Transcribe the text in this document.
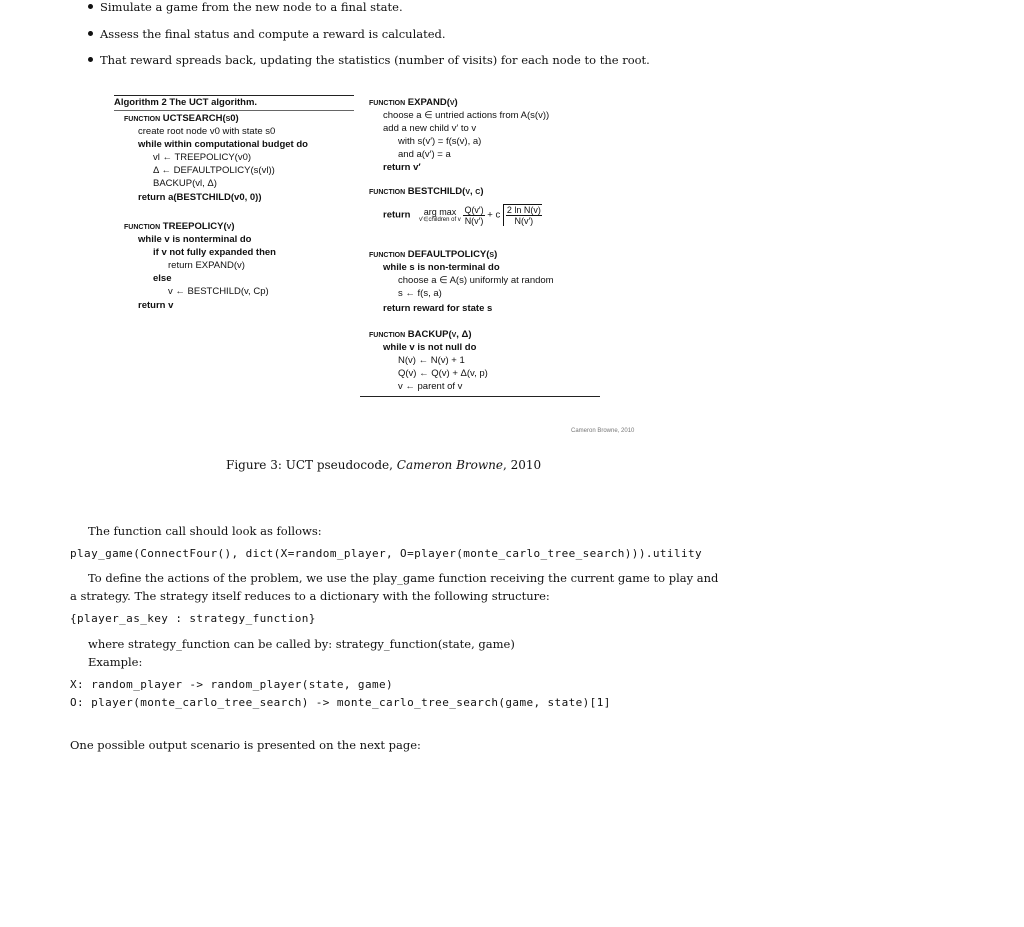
Simulate a game from the new node to a final state.
Assess the final status and compute a reward is calculated.
That reward spreads back, updating the statistics (number of visits) for each node to the root.
Algorithm 2 The UCT algorithm.
function UCTSEARCH(s0)
create root node v0 with state s0
while within computational budget do
vl ← TREEPOLICY(v0)
Δ ← DEFAULTPOLICY(s(vl))
BACKUP(vl, Δ)
return a(BESTCHILD(v0, 0))
function TREEPOLICY(v)
while v is nonterminal do
if v not fully expanded then
return EXPAND(v)
else
v ← BESTCHILD(v, Cp)
return v
function EXPAND(v)
choose a ∈ untried actions from A(s(v))
add a new child v′ to v
with s(v′) = f(s(v), a)
and a(v′) = a
return v′
function BESTCHILD(v, c)
return	arg max
v′∈children of v
$\frac{Q(v')}{N(v')} + c \frac{\text{2 ln N(v)}}{N(v')}$
function DEFAULTPOLICY(s)
while s is non-terminal do
choose a ∈ A(s) uniformly at random
s ← f(s, a)
return reward for state s
function BACKUP(v, Δ)
while v is not null do
N(v) ← N(v) + 1
Q(v) ← Q(v) + Δ(v, p)
v ← parent of v
Cameron Browne, 2010
Figure 3: UCT pseudocode, Cameron Browne, 2010
The function call should look as follows:
play_game(ConnectFour(), dict(X=random_player, O=player(monte_carlo_tree_search))).utility
To define the actions of the problem, we use the play_game function receiving the current game to play and
a strategy. The strategy itself reduces to a dictionary with the following structure:
{player_as_key : strategy_function}
where strategy_function can be called by: strategy_function(state, game)
Example:
X: random_player -> random_player(state, game)
O: player(monte_carlo_tree_search) -> monte_carlo_tree_search(game, state)[1]
One possible output scenario is presented on the next page:
